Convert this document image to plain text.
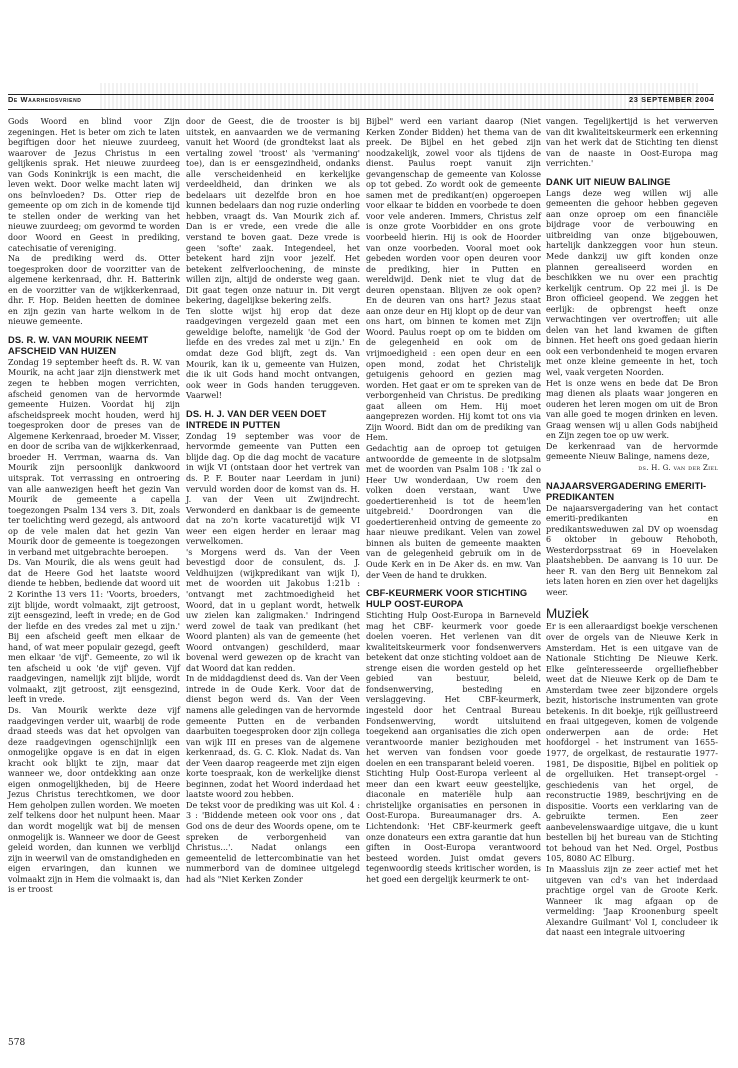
De Waarheidsvriend	23 SEPTEMBER 2004

Gods Woord en blind voor Zijn zegeningen. Het is beter om zich te laten begiftigen door het nieuwe zuurdeeg, waarover de Jezus Christus in een gelijkenis sprak. Het nieuwe zuurdeeg van Gods Koninkrijk is een macht, die leven wekt. Door welke macht laten wij ons beïnvloeden? Ds. Otter riep de gemeente op om zich in de komende tijd te stellen onder de werking van het nieuwe zuurdeeg; om gevormd te worden door Woord en Geest in prediking, catechisatie of vereniging.

Na de prediking werd ds. Otter toegesproken door de voorzitter van de algemene kerkenraad, dhr. H. Batterink en de voorzitter van de wijkkerkenraad, dhr. F. Hop. Beiden heetten de dominee en zijn gezin van harte welkom in de nieuwe gemeente.

DS. R. W. VAN MOURIK NEEMT AFSCHEID VAN HUIZEN

Zondag 19 september heeft ds. R. W. van Mourik, na acht jaar zijn dienstwerk met zegen te hebben mogen verrichten, afscheid genomen van de hervormde gemeente Huizen. Voordat hij zijn afscheidspreek mocht houden, werd hij toegesproken door de preses van de Algemene Kerkenraad, broeder M. Visser, en door de scriba van de wijkkerkenraad, broeder H. Verrman, waarna ds. Van Mourik zijn persoonlijk dankwoord uitsprak. Tot verrassing en ontroering van alle aanwezigen heeft het gezin Van Mourik de gemeente a capella toegezongen Psalm 134 vers 3. Dit, zoals ter toelichting werd gezegd, als antwoord op de vele malen dat het gezin Van Mourik door de gemeente is toegezongen in verband met uitgebrachte beroepen.

Ds. Van Mourik, die als wens geuit had dat de Heere God het laatste woord diende te hebben, bediende dat woord uit 2 Korinthe 13 vers 11: 'Voorts, broeders, zijt blijde, wordt volmaakt, zijt getroost, zijt eensgezind, leeft in vrede; en de God der liefde en des vredes zal met u zijn.' Bij een afscheid geeft men elkaar de hand, of wat meer populair gezegd, geeft men elkaar 'de vijf'. Gemeente, zo wil ik ten afscheid u ook 'de vijf' geven. Vijf raadgevingen, namelijk zijt blijde, wordt volmaakt, zijt getroost, zijt eensgezind, leeft in vrede.

Ds. Van Mourik werkte deze vijf raadgevingen verder uit, waarbij de rode draad steeds was dat het opvolgen van deze raadgevingen ogenschijnlijk een onmogelijke opgave is en dat in eigen kracht ook blijkt te zijn, maar dat wanneer we, door ontdekking aan onze eigen onmogelijkheden, bij de Heere Jezus Christus terechtkomen, we door Hem geholpen zullen worden. We moeten zelf telkens door het nulpunt heen. Maar dan wordt mogelijk wat bij de mensen onmogelijk is. Wanneer we door de Geest geleid worden, dan kunnen we verblijd zijn in weerwil van de omstandigheden en eigen ervaringen, dan kunnen we volmaakt zijn in Hem die volmaakt is, dan is er troost

door de Geest, die de trooster is bij uitstek, en aanvaarden we de vermaning vanuit het Woord (de grondtekst laat als vertaling zowel 'troost' als 'vermaning' toe), dan is er eensgezindheid, ondanks alle verscheidenheid en kerkelijke verdeeldheid, dan drinken we als bedelaars uit dezelfde bron en hoe kunnen bedelaars dan nog ruzie onderling hebben, vraagt ds. Van Mourik zich af. Dan is er vrede, een vrede die alle verstand te boven gaat. Deze vrede is geen 'softe' zaak. Integendeel, het betekent hard zijn voor jezelf. Het betekent zelfverloochening, de minste willen zijn, altijd de onderste weg gaan. Dit gaat tegen onze natuur in. Dit vergt bekering, dagelijkse bekering zelfs.

Ten slotte wijst hij erop dat deze raadgevingen vergezeld gaan met een geweldige belofte, namelijk 'de God der liefde en des vredes zal met u zijn.' En omdat deze God blijft, zegt ds. Van Mourik, kan ik u, gemeente van Huizen, die ik uit Gods hand mocht ontvangen, ook weer in Gods handen teruggeven. Vaarwel!

DS. H. J. VAN DER VEEN DOET INTREDE IN PUTTEN

Zondag 19 september was voor de hervormde gemeente van Putten een blijde dag. Op die dag mocht de vacature in wijk VI (ontstaan door het vertrek van ds. P. F. Bouter naar Leerdam in juni) vervuld worden door de komst van ds. H. J. van der Veen uit Zwijndrecht. Verwonderd en dankbaar is de gemeente dat na zo'n korte vacaturetijd wijk VI weer een eigen herder en leraar mag verwelkomen.

's Morgens werd ds. Van der Veen bevestigd door de consulent, ds. J. Veldhuijzen (wijkpredikant van wijk I), met de woorden uit Jakobus 1:21b : 'ontvangt met zachtmoedigheid het Woord, dat in u geplant wordt, hetwelk uw zielen kan zaligmaken.' Indringend werd zowel de taak van predikant (het Woord planten) als van de gemeente (het Woord ontvangen) geschilderd, maar bovenal werd gewezen op de kracht van dat Woord dat kan redden.

In de middagdienst deed ds. Van der Veen intrede in de Oude Kerk. Voor dat de dienst begon werd ds. Van der Veen namens alle geledingen van de hervormde gemeente Putten en de verbanden daarbuiten toegesproken door zijn collega van wijk III en preses van de algemene kerkenraad, ds. G. C. Klok. Nadat ds. Van der Veen daarop reageerde met zijn eigen korte toespraak, kon de werkelijke dienst beginnen, zodat het Woord inderdaad het laatste woord zou hebben.

De tekst voor de prediking was uit Kol. 4 : 3 : 'Biddende meteen ook voor ons , dat God ons de deur des Woords opene, om te spreken de verborgenheid van Christus...'. Nadat onlangs een gemeentelid de lettercombinatie van het nummerbord van de dominee uitgelegd had als "Niet Kerken Zonder

Bijbel" werd een variant daarop (Niet Kerken Zonder Bidden) het thema van de preek. De Bijbel en het gebed zijn noodzakelijk, zowel voor als tijdens de dienst. Paulus roept vanuit zijn gevangenschap de gemeente van Kolosse op tot gebed. Zo wordt ook de gemeente samen met de predikant(en) opgeroepen voor elkaar te bidden en voorbede te doen voor vele anderen. Immers, Christus zelf is onze grote Voorbidder en ons grote voorbeeld hierin. Hij is ook de Hoorder van onze voorbeden. Vooral moet ook gebeden worden voor open deuren voor de prediking, hier in Putten en wereldwijd. Denk niet te vlug dat de deuren openstaan. Blijven ze ook open? En de deuren van ons hart? Jezus staat aan onze deur en Hij klopt op de deur van ons hart, om binnen te komen met Zijn Woord. Paulus roept op om te bidden om de gelegenheid en ook om de vrijmoedigheid : een open deur en een open mond, zodat het Christelijk getuigenis gehoord en gezien mag worden. Het gaat er om te spreken van de verborgenheid van Christus. De prediking gaat alleen om Hem. Hij moet aangeprezen worden. Hij komt tot ons via Zijn Woord. Bidt dan om de prediking van Hem.

Gedachtig aan de oproep tot getuigen antwoordde de gemeente in de slotpsalm met de woorden van Psalm 108 : 'Ik zal o Heer Uw wonderdaan, Uw roem den volken doen verstaan, want Uwe goedertierenheid is tot de heem'len uitgebreid.' Doordrongen van die goedertierenheid ontving de gemeente zo haar nieuwe predikant. Velen van zowel binnen als buiten de gemeente maakten van de gelegenheid gebruik om in de Oude Kerk en in De Aker ds. en mw. Van der Veen de hand te drukken.

CBF-KEURMERK VOOR STICHTING HULP OOST-EUROPA

Stichting Hulp Oost-Europa in Barneveld mag het CBF- keurmerk voor goede doelen voeren. Het verlenen van dit kwaliteitskeurmerk voor fondsenwervers betekent dat onze stichting voldoet aan de strenge eisen die worden gesteld op het gebied van bestuur, beleid, fondsenwerving, besteding en verslaggeving. Het CBF-keurmerk, ingesteld door het Centraal Bureau Fondsenwerving, wordt uitsluitend toegekend aan organisaties die zich open verantwoorde manier bezighouden met het werven van fondsen voor goede doelen en een transparant beleid voeren.

Stichting Hulp Oost-Europa verleent al meer dan een kwart eeuw geestelijke, diaconale en materiële hulp aan christelijke organisaties en personen in Oost-Europa. Bureaumanager drs. A. Lichtendonk: 'Het CBF-keurmerk geeft onze donateurs een extra garantie dat hun giften in Oost-Europa verantwoord besteed worden. Juist omdat gevers tegenwoordig steeds kritischer worden, is het goed een dergelijk keurmerk te ont-

vangen. Tegelijkertijd is het verwerven van dit kwaliteitskeurmerk een erkenning van het werk dat de Stichting ten dienst van de naaste in Oost-Europa mag verrichten.'

DANK UIT NIEUW BALINGE

Langs deze weg willen wij alle gemeenten die gehoor hebben gegeven aan onze oproep om een financiële bijdrage voor de verbouwing en uitbreiding van onze bijgebouwen, hartelijk dankzeggen voor hun steun. Mede dankzij uw gift konden onze plannen gerealiseerd worden en beschikken we nu over een prachtig kerkelijk centrum. Op 22 mei jl. is De Bron officieel geopend. We zeggen het eerlijk: de opbrengst heeft onze verwachtingen ver overtroffen; uit alle delen van het land kwamen de giften binnen. Het heeft ons goed gedaan hierin ook een verbondenheid te mogen ervaren met onze kleine gemeente in het, toch wel, vaak vergeten Noorden.

Het is onze wens en bede dat De Bron mag dienen als plaats waar jongeren en ouderen het leren mogen om uit de Bron van alle goed te mogen drinken en leven. Graag wensen wij u allen Gods nabijheid en Zijn zegen toe op uw werk.

De kerkenraad van de hervormde gemeente Nieuw Balinge, namens deze,

ds. H. G. van der Ziel

NAJAARSVERGADERING EMERITI-PREDIKANTEN

De najaarsvergadering van het contact emeriti-predikanten en predikantsweduwen zal DV op woensdag 6 oktober in gebouw Rehoboth, Westerdorpsstraat 69 in Hoevelaken plaatshebben. De aanvang is 10 uur. De heer R. van den Berg uit Bennekom zal iets laten horen en zien over het dagelijks weer.

Muziek

Er is een alleraardigst boekje verschenen over de orgels van de Nieuwe Kerk in Amsterdam. Het is een uitgave van de Nationale Stichting De Nieuwe Kerk. Elke geïnteresseerde orgelliefhebber weet dat de Nieuwe Kerk op de Dam te Amsterdam twee zeer bijzondere orgels bezit, historische instrumenten van grote betekenis. In dit boekje, rijk geïllustreerd en fraai uitgegeven, komen de volgende onderwerpen aan de orde: Het hoofdorgel - het instrument van 1655-1977, de orgelkast, de restauratie 1977-1981, De dispositie, Bijbel en politiek op de orgelluiken. Het transept-orgel - geschiedenis van het orgel, de reconstructie 1989, beschrijving en de dispositie. Voorts een verklaring van de gebruikte termen. Een zeer aanbevelenswaardige uitgave, die u kunt bestellen bij het bureau van de Stichting tot behoud van het Ned. Orgel, Postbus 105, 8080 AC Elburg.

In Maassluis zijn ze zeer actief met het uitgeven van cd's van het inderdaad prachtige orgel van de Groote Kerk. Wanneer ik mag afgaan op de vermelding: 'Jaap Kroonenburg speelt Alexandre Guilmant' Vol I, concludeer ik dat naast een integrale uitvoering

578
